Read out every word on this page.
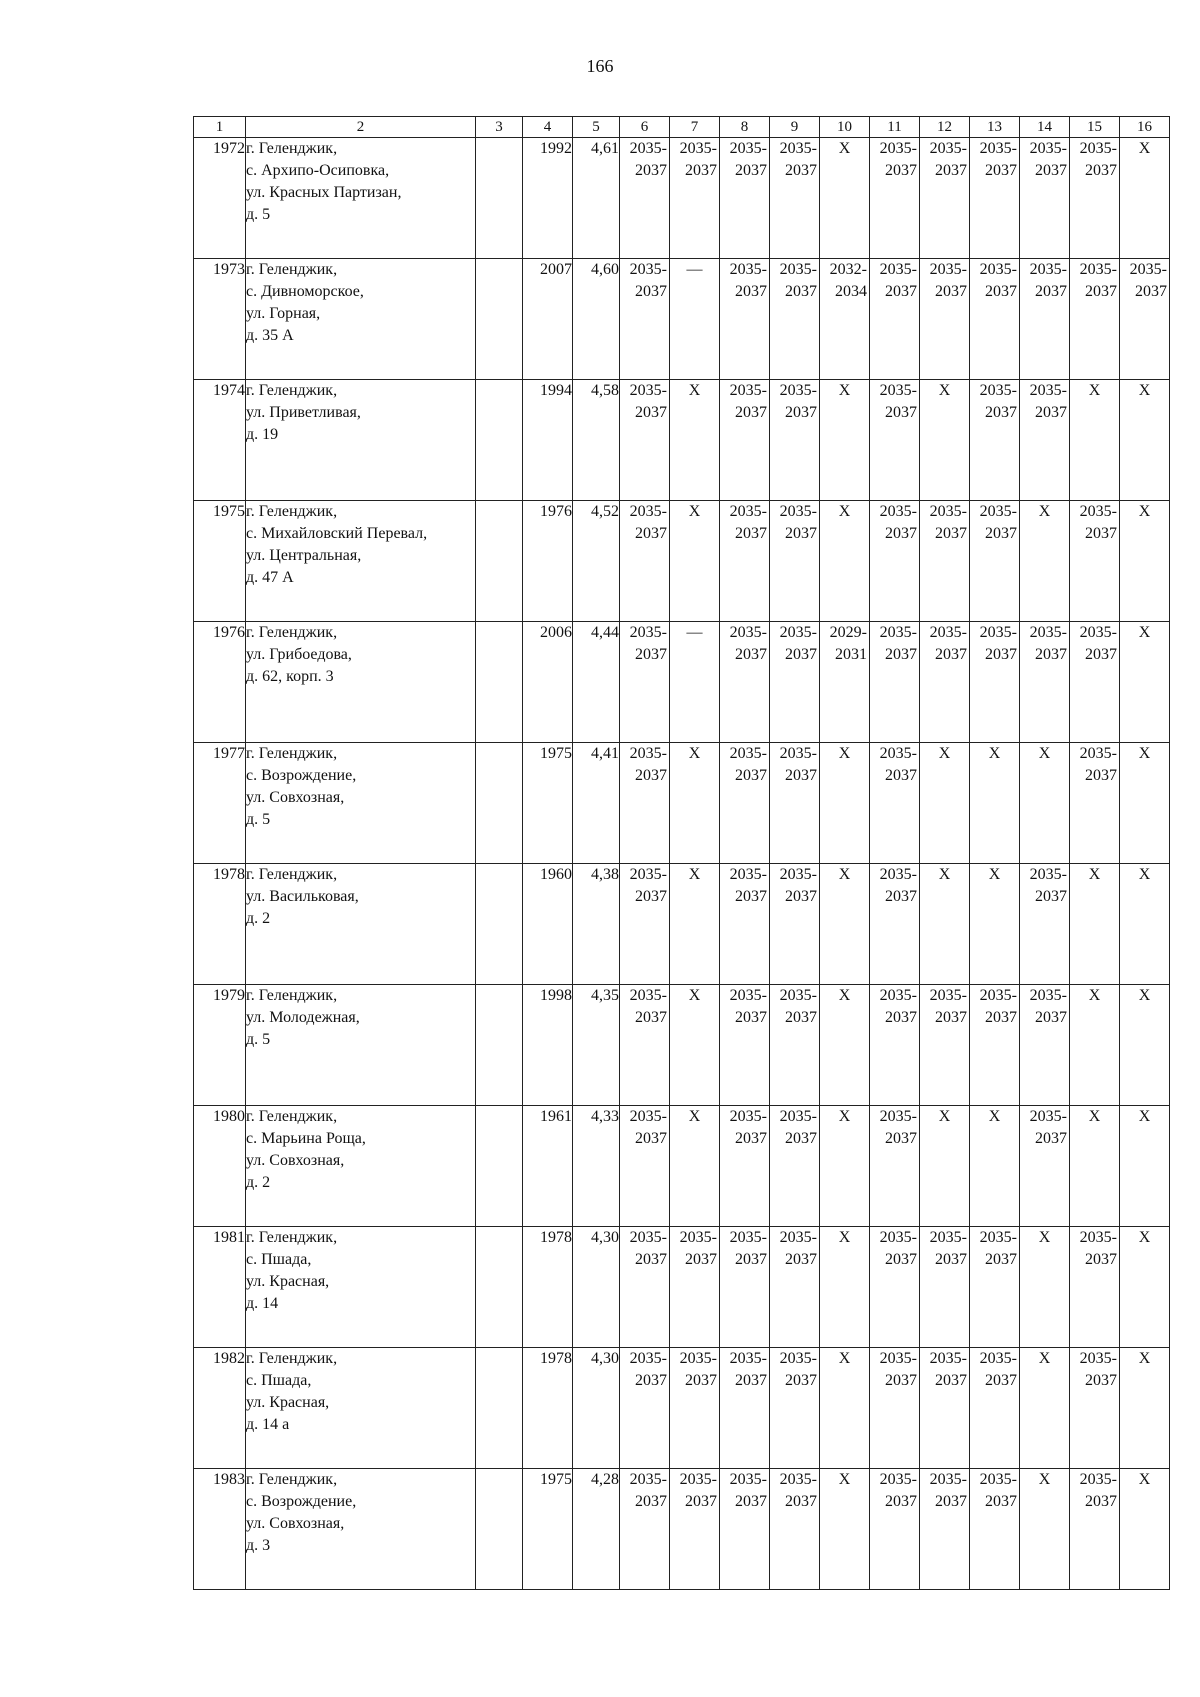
166
1	2	3	4	5	6	7	8	9	10	11	12	13	14	15	16
1972	г. Геленджик,
с. Архипо-Осиповка,
ул. Красных Партизан,
д. 5		1992	4,61	2035-
2037	2035-
2037	2035-
2037	2035-
2037	X	2035-
2037	2035-
2037	2035-
2037	2035-
2037	2035-
2037	X

1973	г. Геленджик,
с. Дивноморское,
ул. Горная,
д. 35 А		2007	4,60	2035-
2037	—	2035-
2037	2035-
2037	2032-
2034	2035-
2037	2035-
2037	2035-
2037	2035-
2037	2035-
2037	2035-
2037

1974	г. Геленджик,
ул. Приветливая,
д. 19		1994	4,58	2035-
2037	X	2035-
2037	2035-
2037	X	2035-
2037	X	2035-
2037	2035-
2037	X	X

1975	г. Геленджик,
с. Михайловский Перевал,
ул. Центральная,
д. 47 А		1976	4,52	2035-
2037	X	2035-
2037	2035-
2037	X	2035-
2037	2035-
2037	2035-
2037	X	2035-
2037	X

1976	г. Геленджик,
ул. Грибоедова,
д. 62, корп. 3		2006	4,44	2035-
2037	—	2035-
2037	2035-
2037	2029-
2031	2035-
2037	2035-
2037	2035-
2037	2035-
2037	2035-
2037	X

1977	г. Геленджик,
с. Возрождение,
ул. Совхозная,
д. 5		1975	4,41	2035-
2037	X	2035-
2037	2035-
2037	X	2035-
2037	X	X	X	2035-
2037	X

1978	г. Геленджик,
ул. Васильковая,
д. 2		1960	4,38	2035-
2037	X	2035-
2037	2035-
2037	X	2035-
2037	X	X	2035-
2037	X	X

1979	г. Геленджик,
ул. Молодежная,
д. 5		1998	4,35	2035-
2037	X	2035-
2037	2035-
2037	X	2035-
2037	2035-
2037	2035-
2037	2035-
2037	X	X

1980	г. Геленджик,
с. Марьина Роща,
ул. Совхозная,
д. 2		1961	4,33	2035-
2037	X	2035-
2037	2035-
2037	X	2035-
2037	X	X	2035-
2037	X	X

1981	г. Геленджик,
с. Пшада,
ул. Красная,
д. 14		1978	4,30	2035-
2037	2035-
2037	2035-
2037	2035-
2037	X	2035-
2037	2035-
2037	2035-
2037	X	2035-
2037	X

1982	г. Геленджик,
с. Пшада,
ул. Красная,
д. 14 а		1978	4,30	2035-
2037	2035-
2037	2035-
2037	2035-
2037	X	2035-
2037	2035-
2037	2035-
2037	X	2035-
2037	X

1983	г. Геленджик,
с. Возрождение,
ул. Совхозная,
д. 3		1975	4,28	2035-
2037	2035-
2037	2035-
2037	2035-
2037	X	2035-
2037	2035-
2037	2035-
2037	X	2035-
2037	X
